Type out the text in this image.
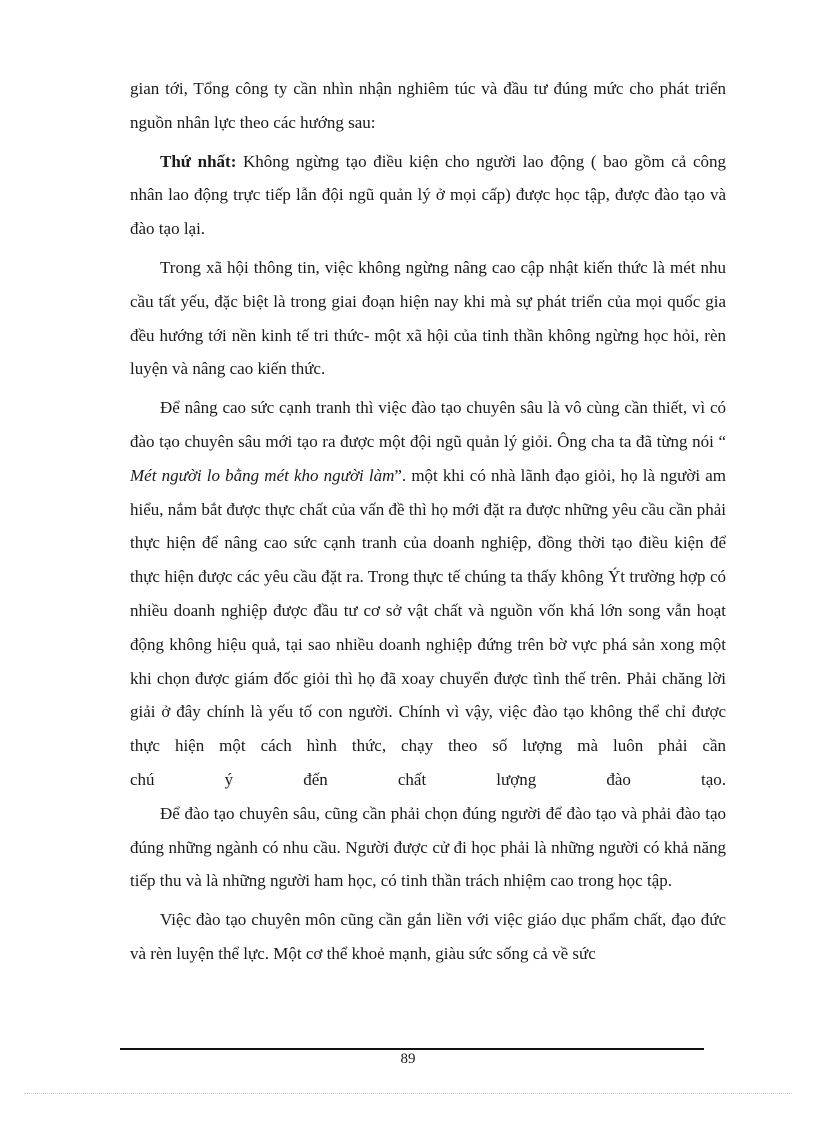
gian tới, Tổng công ty cần nhìn nhận nghiêm túc và đầu tư đúng mức cho phát triển nguồn nhân lực theo các hướng sau:

Thứ nhất: Không ngừng tạo điều kiện cho người lao động ( bao gồm cả công nhân lao động trực tiếp lẫn đội ngũ quản lý ở mọi cấp) được học tập, được đào tạo và đào tạo lại.

Trong xã hội thông tin, việc không ngừng nâng cao cập nhật kiến thức là mét nhu cầu tất yếu, đặc biệt là trong giai đoạn hiện nay khi mà sự phát triển của mọi quốc gia đều hướng tới nền kinh tế tri thức- một xã hội của tinh thần không ngừng học hỏi, rèn luyện và nâng cao kiến thức.

Để nâng cao sức cạnh tranh thì việc đào tạo chuyên sâu là vô cùng cần thiết, vì có đào tạo chuyên sâu mới tạo ra được một đội ngũ quản lý giỏi. Ông cha ta đã từng nói “ Mét người lo bằng mét kho người làm”. một khi có nhà lãnh đạo giỏi, họ là người am hiểu, nắm bắt được thực chất của vấn đề thì họ mới đặt ra được những yêu cầu cần phải thực hiện để nâng cao sức cạnh tranh của doanh nghiệp, đồng thời tạo điều kiện để thực hiện được các yêu cầu đặt ra. Trong thực tế chúng ta thấy không Ýt trường hợp có nhiều doanh nghiệp được đầu tư cơ sở vật chất và nguồn vốn khá lớn song vẫn hoạt động không hiệu quả, tại sao nhiều doanh nghiệp đứng trên bờ vực phá sản xong một khi chọn được giám đốc giỏi thì họ đã xoay chuyển được tình thế trên. Phải chăng lời giải ở đây chính là yếu tố con người. Chính vì vậy, việc đào tạo không thể chỉ được thực hiện một cách hình thức, chạy theo số lượng mà luôn phải cần

chú ý đến chất lượng đào tạo.

Để đào tạo chuyên sâu, cũng cần phải chọn đúng người để đào tạo và phải đào tạo đúng những ngành có nhu cầu. Người được cử đi học phải là những người có khả năng tiếp thu và là những người ham học, có tinh thần trách nhiệm cao trong học tập.

Việc đào tạo chuyên môn cũng cần gắn liền với việc giáo dục phẩm chất, đạo đức và rèn luyện thể lực. Một cơ thể khoẻ mạnh, giàu sức sống cả về sức

89
